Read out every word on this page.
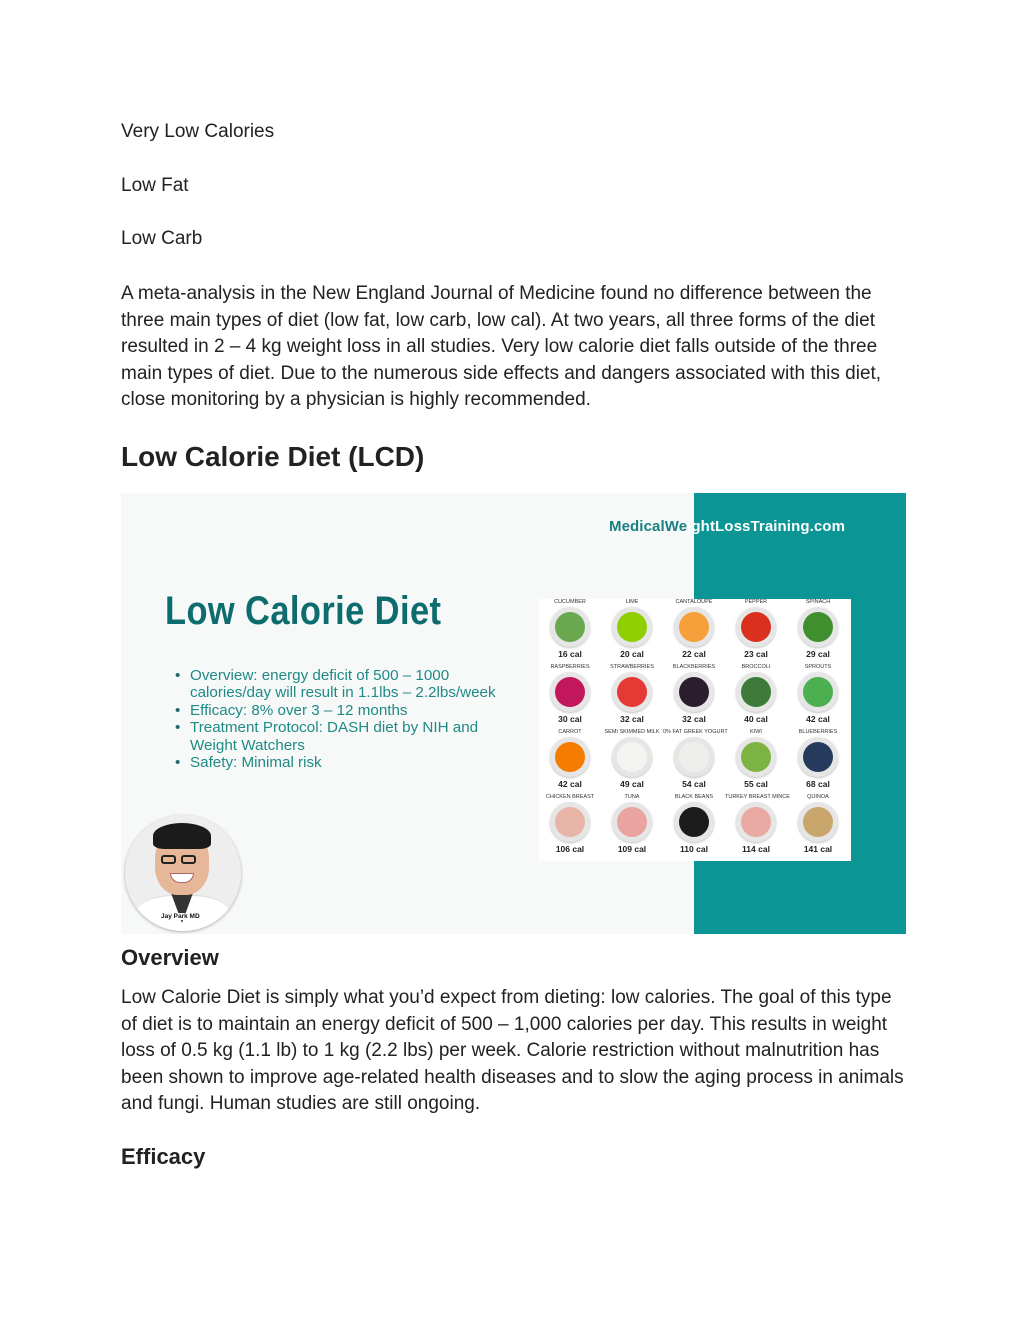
Very Low Calories

Low Fat

Low Carb

A meta-analysis in the New England Journal of Medicine found no difference between the three main types of diet (low fat, low carb, low cal). At two years, all three forms of the diet resulted in 2 – 4 kg weight loss in all studies. Very low calorie diet falls outside of the three main types of diet. Due to the numerous side effects and dangers associated with this diet, close monitoring by a physician is highly recommended.

Low Calorie Diet (LCD)
MedicalWeightLossTraining.com
Low Calorie Diet
• Overview: energy deficit of 500 – 1000 calories/day will result in 1.1lbs – 2.2lbs/week
• Efficacy: 8% over 3 – 12 months
• Treatment Protocol: DASH diet by NIH and Weight Watchers
• Safety: Minimal risk
CUCUMBER
16 cal
LIME
20 cal
CANTALOUPE
22 cal
PEPPER
23 cal
SPINACH
29 cal
RASPBERRIES
30 cal
STRAWBERRIES
32 cal
BLACKBERRIES
32 cal
BROCCOLI
40 cal
SPROUTS
42 cal
CARROT
42 cal
SEMI SKIMMED MILK
49 cal
0% FAT GREEK YOGURT
54 cal
KIWI
55 cal
BLUEBERRIES
68 cal
CHICKEN BREAST
106 cal
TUNA
109 cal
BLACK BEANS
110 cal
TURKEY BREAST MINCE
114 cal
QUINOA
141 cal
Jay Park MD
Overview

Low Calorie Diet is simply what you’d expect from dieting: low calories. The goal of this type of diet is to maintain an energy deficit of 500 – 1,000 calories per day. This results in weight loss of 0.5 kg (1.1 lb) to 1 kg (2.2 lbs) per week. Calorie restriction without malnutrition has been shown to improve age-related health diseases and to slow the aging process in animals and fungi. Human studies are still ongoing.

Efficacy
